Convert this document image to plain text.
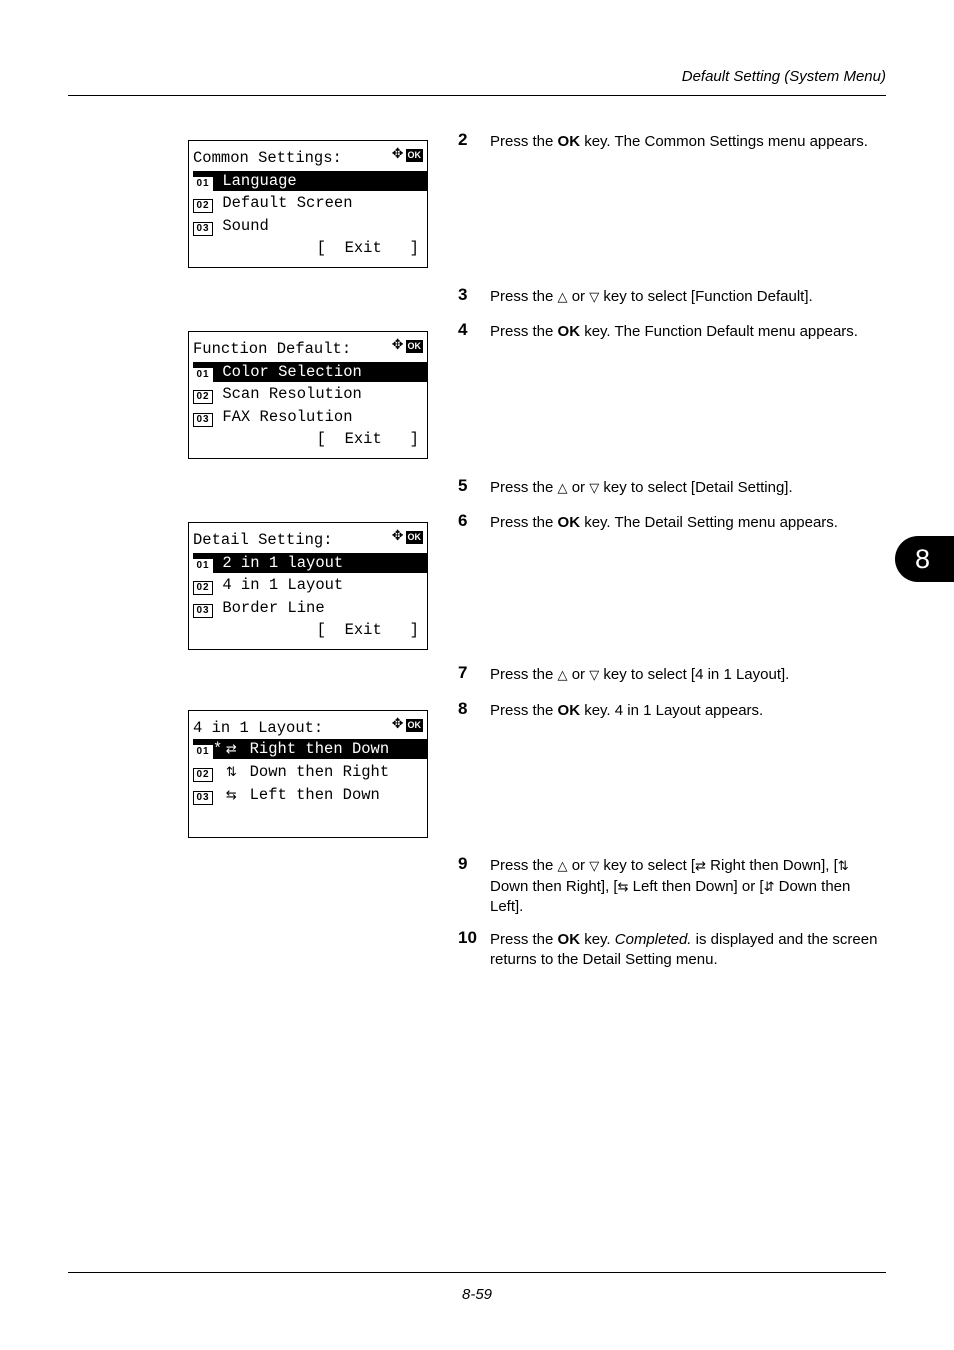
Default Setting (System Menu)
8
Common Settings:	✥ OK
01 Language
02 Default Screen
03 Sound
[  Exit   ]
Function Default:	✥ OK
01 Color Selection
02 Scan Resolution
03 FAX Resolution
[  Exit   ]
Detail Setting:	✥ OK
01 2 in 1 layout
02 4 in 1 Layout
03 Border Line
[  Exit   ]
4 in 1 Layout:	✥ OK
01 * ⇄ Right then Down
02 ⇅ Down then Right
03 ⇆ Left then Down
2 Press the OK key. The Common Settings menu appears.
3 Press the △ or ▽ key to select [Function Default].
4 Press the OK key. The Function Default menu appears.
5 Press the △ or ▽ key to select [Detail Setting].
6 Press the OK key. The Detail Setting menu appears.
7 Press the △ or ▽ key to select [4 in 1 Layout].
8 Press the OK key. 4 in 1 Layout appears.
9 Press the △ or ▽ key to select [⇄ Right then Down], [⇅ Down then Right], [⇆ Left then Down] or [⇵ Down then Left].
10 Press the OK key. Completed. is displayed and the screen returns to the Detail Setting menu.
8-59
